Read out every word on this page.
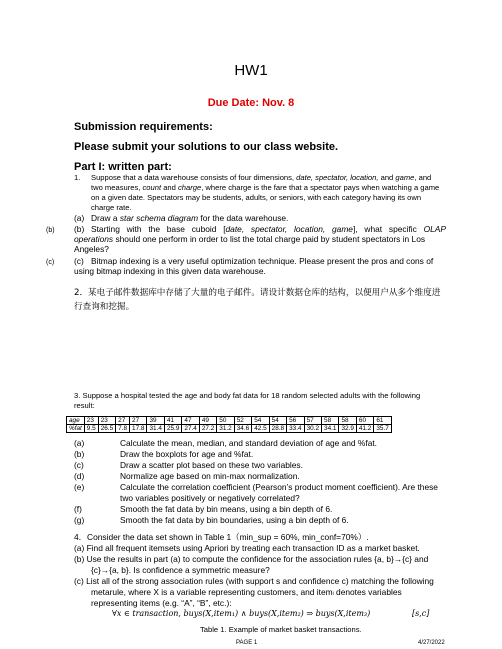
HW1
Due Date: Nov. 8
Submission requirements:
Please submit your solutions to our class website.
Part I: written part:
1. Suppose that a data warehouse consists of four dimensions, date, spectator, location, and game, and
two measures, count and charge, where charge is the fare that a spectator pays when watching a game
on a given date. Spectators may be students, adults, or seniors, with each category having its own
charge rate.
(a) Draw a star schema diagram for the data warehouse.
(b) (b) Starting with the base cuboid [date, spectator, location, game], what specific OLAP
operations should one perform in order to list the total charge paid by student spectators in Los
Angeles?
(c) (c) Bitmap indexing is a very useful optimization technique. Please present the pros and cons of
using bitmap indexing in this given data warehouse.
2．某电子邮件数据库中存储了大量的电子邮件。请设计数据仓库的结构，以便用户从多个维度进
行查询和挖掘。
3. Suppose a hospital tested the age and body fat data for 18 random selected adults with the following
result:
age	23	23	27	27	39	41	47	49	50	52	54	54	56	57	58	58	60	61
%fat	9.5	26.5	7.8	17.8	31.4	25.9	27.4	27.2	31.2	34.6	42.5	28.8	33.4	30.2	34.1	32.9	41.2	35.7
(a)	Calculate the mean, median, and standard deviation of age and %fat.
(b)	Draw the boxplots for age and %fat.
(c)	Draw a scatter plot based on these two variables.
(d)	Normalize age based on min-max normalization.
(e)	Calculate the correlation coefficient (Pearson’s product moment coefficient). Are these
two variables positively or negatively correlated?
(f)	Smooth the fat data by bin means, using a bin depth of 6.
(g)	Smooth the fat data by bin boundaries, using a bin depth of 6.
4．Consider the data set shown in Table 1（min_sup = 60%, min_conf=70%）.
(a) Find all frequent itemsets using Apriori by treating each transaction ID as a market basket.
(b) Use the results in part (a) to compute the confidence for the association rules {a, b}→{c} and
{c}→{a, b}. Is confidence a symmetric measure?
(c) List all of the strong association rules (with support s and confidence c) matching the following
metarule, where X is a variable representing customers, and itemi denotes variables
representing items (e.g. “A”, “B”, etc.):
∀x ∈ transaction, buys(X,item₁) ∧ buys(X,item₂) ⇒ buys(X,item₃)	[s,c]
Table 1. Example of market basket transactions.
PAGE 1	4/27/2022
